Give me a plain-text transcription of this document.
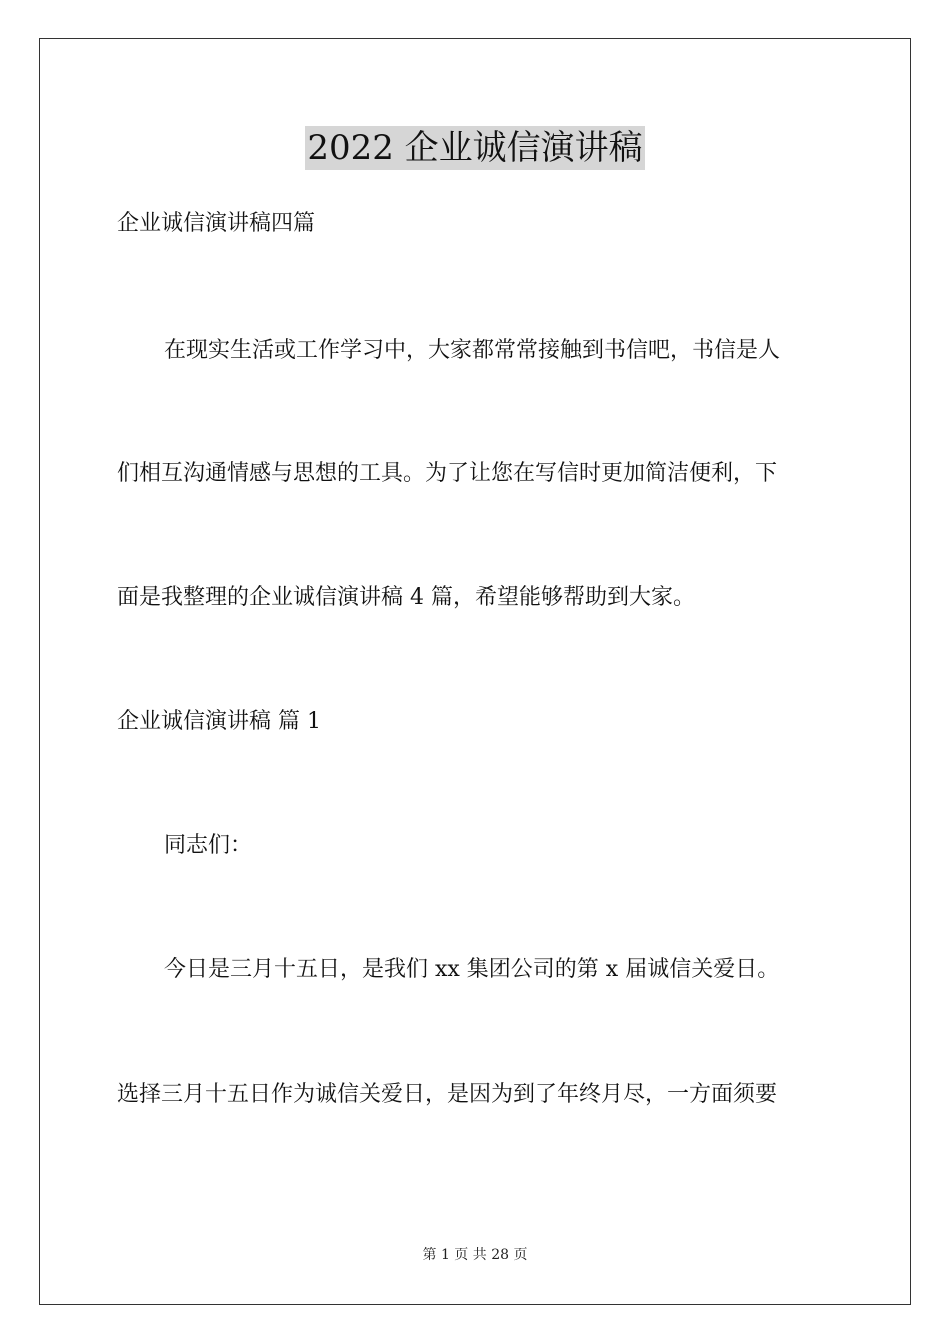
2022 企业诚信演讲稿
企业诚信演讲稿四篇
在现实生活或工作学习中，大家都常常接触到书信吧，书信是人
们相互沟通情感与思想的工具。为了让您在写信时更加简洁便利，下
面是我整理的企业诚信演讲稿 4 篇，希望能够帮助到大家。
企业诚信演讲稿 篇 1
同志们：
今日是三月十五日，是我们 xx 集团公司的第 x 届诚信关爱日。
选择三月十五日作为诚信关爱日，是因为到了年终月尽，一方面须要
第 1 页 共 28 页
